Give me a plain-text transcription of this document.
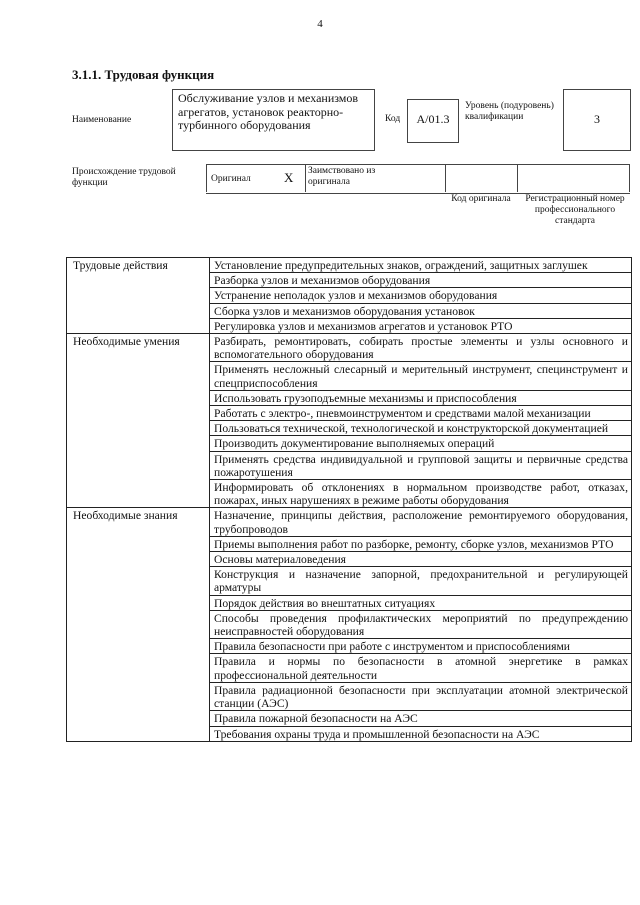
4
3.1.1. Трудовая функция
Наименование
Обслуживание узлов и механизмов агрегатов, установок реакторно-турбинного оборудования	Код	А/01.3
Уровень (подуровень) квалификации	3
Происхождение трудовой функции	Оригинал	X Заимствовано из оригинала
Код оригинала	Регистрационный номер профессионального стандарта
Трудовые действия	Установление предупредительных знаков, ограждений, защитных заглушек
	Разборка узлов и механизмов оборудования
	Устранение неполадок узлов и механизмов оборудования
	Сборка узлов и механизмов оборудования установок
	Регулировка узлов и механизмов агрегатов и установок РТО
Необходимые умения	Разбирать, ремонтировать, собирать простые элементы и узлы основного и вспомогательного оборудования
	Применять несложный слесарный и мерительный инструмент, специнструмент и спецприспособления
	Использовать грузоподъемные механизмы и приспособления
	Работать с электро-, пневмоинструментом и средствами малой механизации
	Пользоваться технической, технологической и конструкторской документацией
	Производить документирование выполняемых операций
	Применять средства индивидуальной и групповой защиты и первичные средства пожаротушения
	Информировать об отклонениях в нормальном производстве работ, отказах, пожарах, иных нарушениях в режиме работы оборудования
Необходимые знания	Назначение, принципы действия, расположение ремонтируемого оборудования, трубопроводов
	Приемы выполнения работ по разборке, ремонту, сборке узлов, механизмов РТО
	Основы материаловедения
	Конструкция и назначение запорной, предохранительной и регулирующей арматуры
	Порядок действия во внештатных ситуациях
	Способы проведения профилактических мероприятий по предупреждению неисправностей оборудования
	Правила безопасности при работе с инструментом и приспособлениями
	Правила и нормы по безопасности в атомной энергетике в рамках профессиональной деятельности
	Правила радиационной безопасности при эксплуатации атомной электрической станции (АЭС)
	Правила пожарной безопасности на АЭС
	Требования охраны труда и промышленной безопасности на АЭС
